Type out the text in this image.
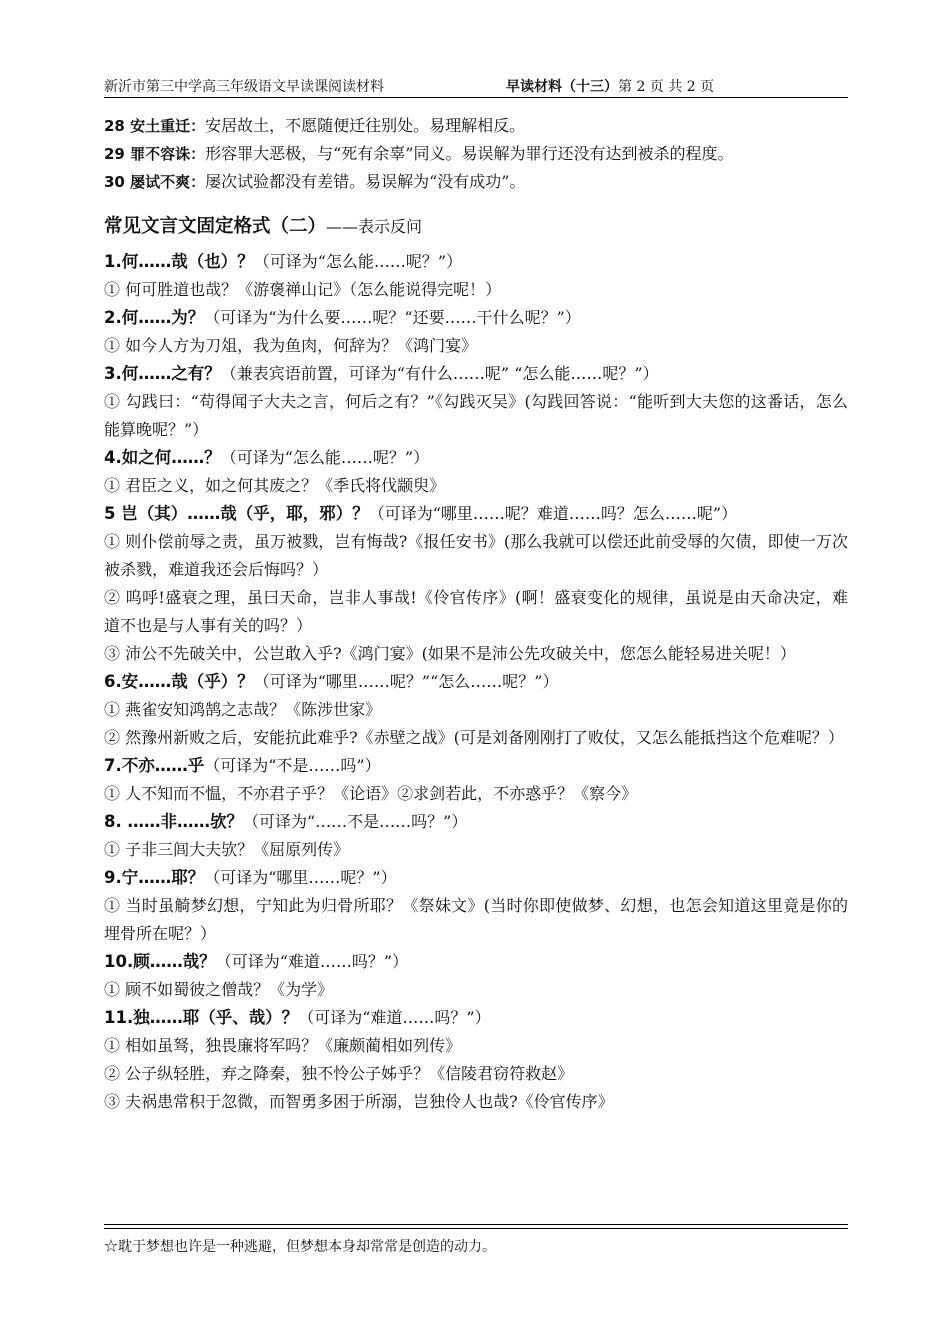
新沂市第三中学高三年级语文早读课阅读材料	早读材料（十三）第 2 页 共 2 页
28 安土重迁：安居故土，不愿随便迁往别处。易理解相反。
29 罪不容诛：形容罪大恶极，与“死有余辜”同义。易误解为罪行还没有达到被杀的程度。
30 屡试不爽：屡次试验都没有差错。易误解为“没有成功”。
常见文言文固定格式（二）——表示反问
1.何……哉（也）？（可译为“怎么能……呢？”）
① 何可胜道也哉？《游褒禅山记》（怎么能说得完呢！）
2.何……为？（可译为“为什么要……呢？“还要……干什么呢？”）
① 如今人方为刀俎，我为鱼肉，何辞为？《鸿门宴》
3.何……之有？（兼表宾语前置，可译为“有什么……呢” “怎么能……呢？”）
① 勾践曰：“苟得闻子大夫之言，何后之有？”《勾践灭吴》(勾践回答说：“能听到大夫您的这番话，怎么能算晚呢？”）
4.如之何……？（可译为“怎么能……呢？”）
① 君臣之义，如之何其废之？《季氏将伐颛臾》
5 岂（其）……哉（乎，耶，邪）？（可译为“哪里……呢？难道……吗？怎么……呢”）
① 则仆偿前辱之责，虽万被戮，岂有悔哉?《报任安书》(那么我就可以偿还此前受辱的欠债，即使一万次被杀戮，难道我还会后悔吗？）
② 呜呼!盛衰之理，虽曰天命，岂非人事哉!《伶官传序》(啊！盛衰变化的规律，虽说是由天命决定，难道不也是与人事有关的吗？）
③ 沛公不先破关中，公岂敢入乎?《鸿门宴》(如果不是沛公先攻破关中，您怎么能轻易进关呢！）
6.安……哉（乎）？（可译为“哪里……呢？”“怎么……呢？”）
① 燕雀安知鸿鹄之志哉？《陈涉世家》
② 然豫州新败之后，安能抗此难乎?《赤壁之战》(可是刘备刚刚打了败仗，又怎么能抵挡这个危难呢？）
7.不亦……乎（可译为“不是……吗”）
① 人不知而不愠，不亦君子乎？《论语》②求剑若此，不亦惑乎？《察今》
8. ……非……欤？（可译为“……不是……吗？”）
① 子非三闾大夫欤？《屈原列传》
9.宁……耶？（可译为“哪里……呢？”）
① 当时虽觭梦幻想，宁知此为归骨所耶？《祭妹文》(当时你即使做梦、幻想，也怎会知道这里竟是你的埋骨所在呢？）
10.顾……哉？（可译为“难道……吗？”）
① 顾不如蜀彼之僧哉？《为学》
11.独……耶（乎、哉）？（可译为“难道……吗？”）
① 相如虽驽，独畏廉将军吗？《廉颇蔺相如列传》
② 公子纵轻胜，弃之降秦，独不怜公子姊乎？《信陵君窃符救赵》
③ 夫祸患常积于忽微，而智勇多困于所溺，岂独伶人也哉?《伶官传序》
☆耽于梦想也许是一种逃避，但梦想本身却常常是创造的动力。
